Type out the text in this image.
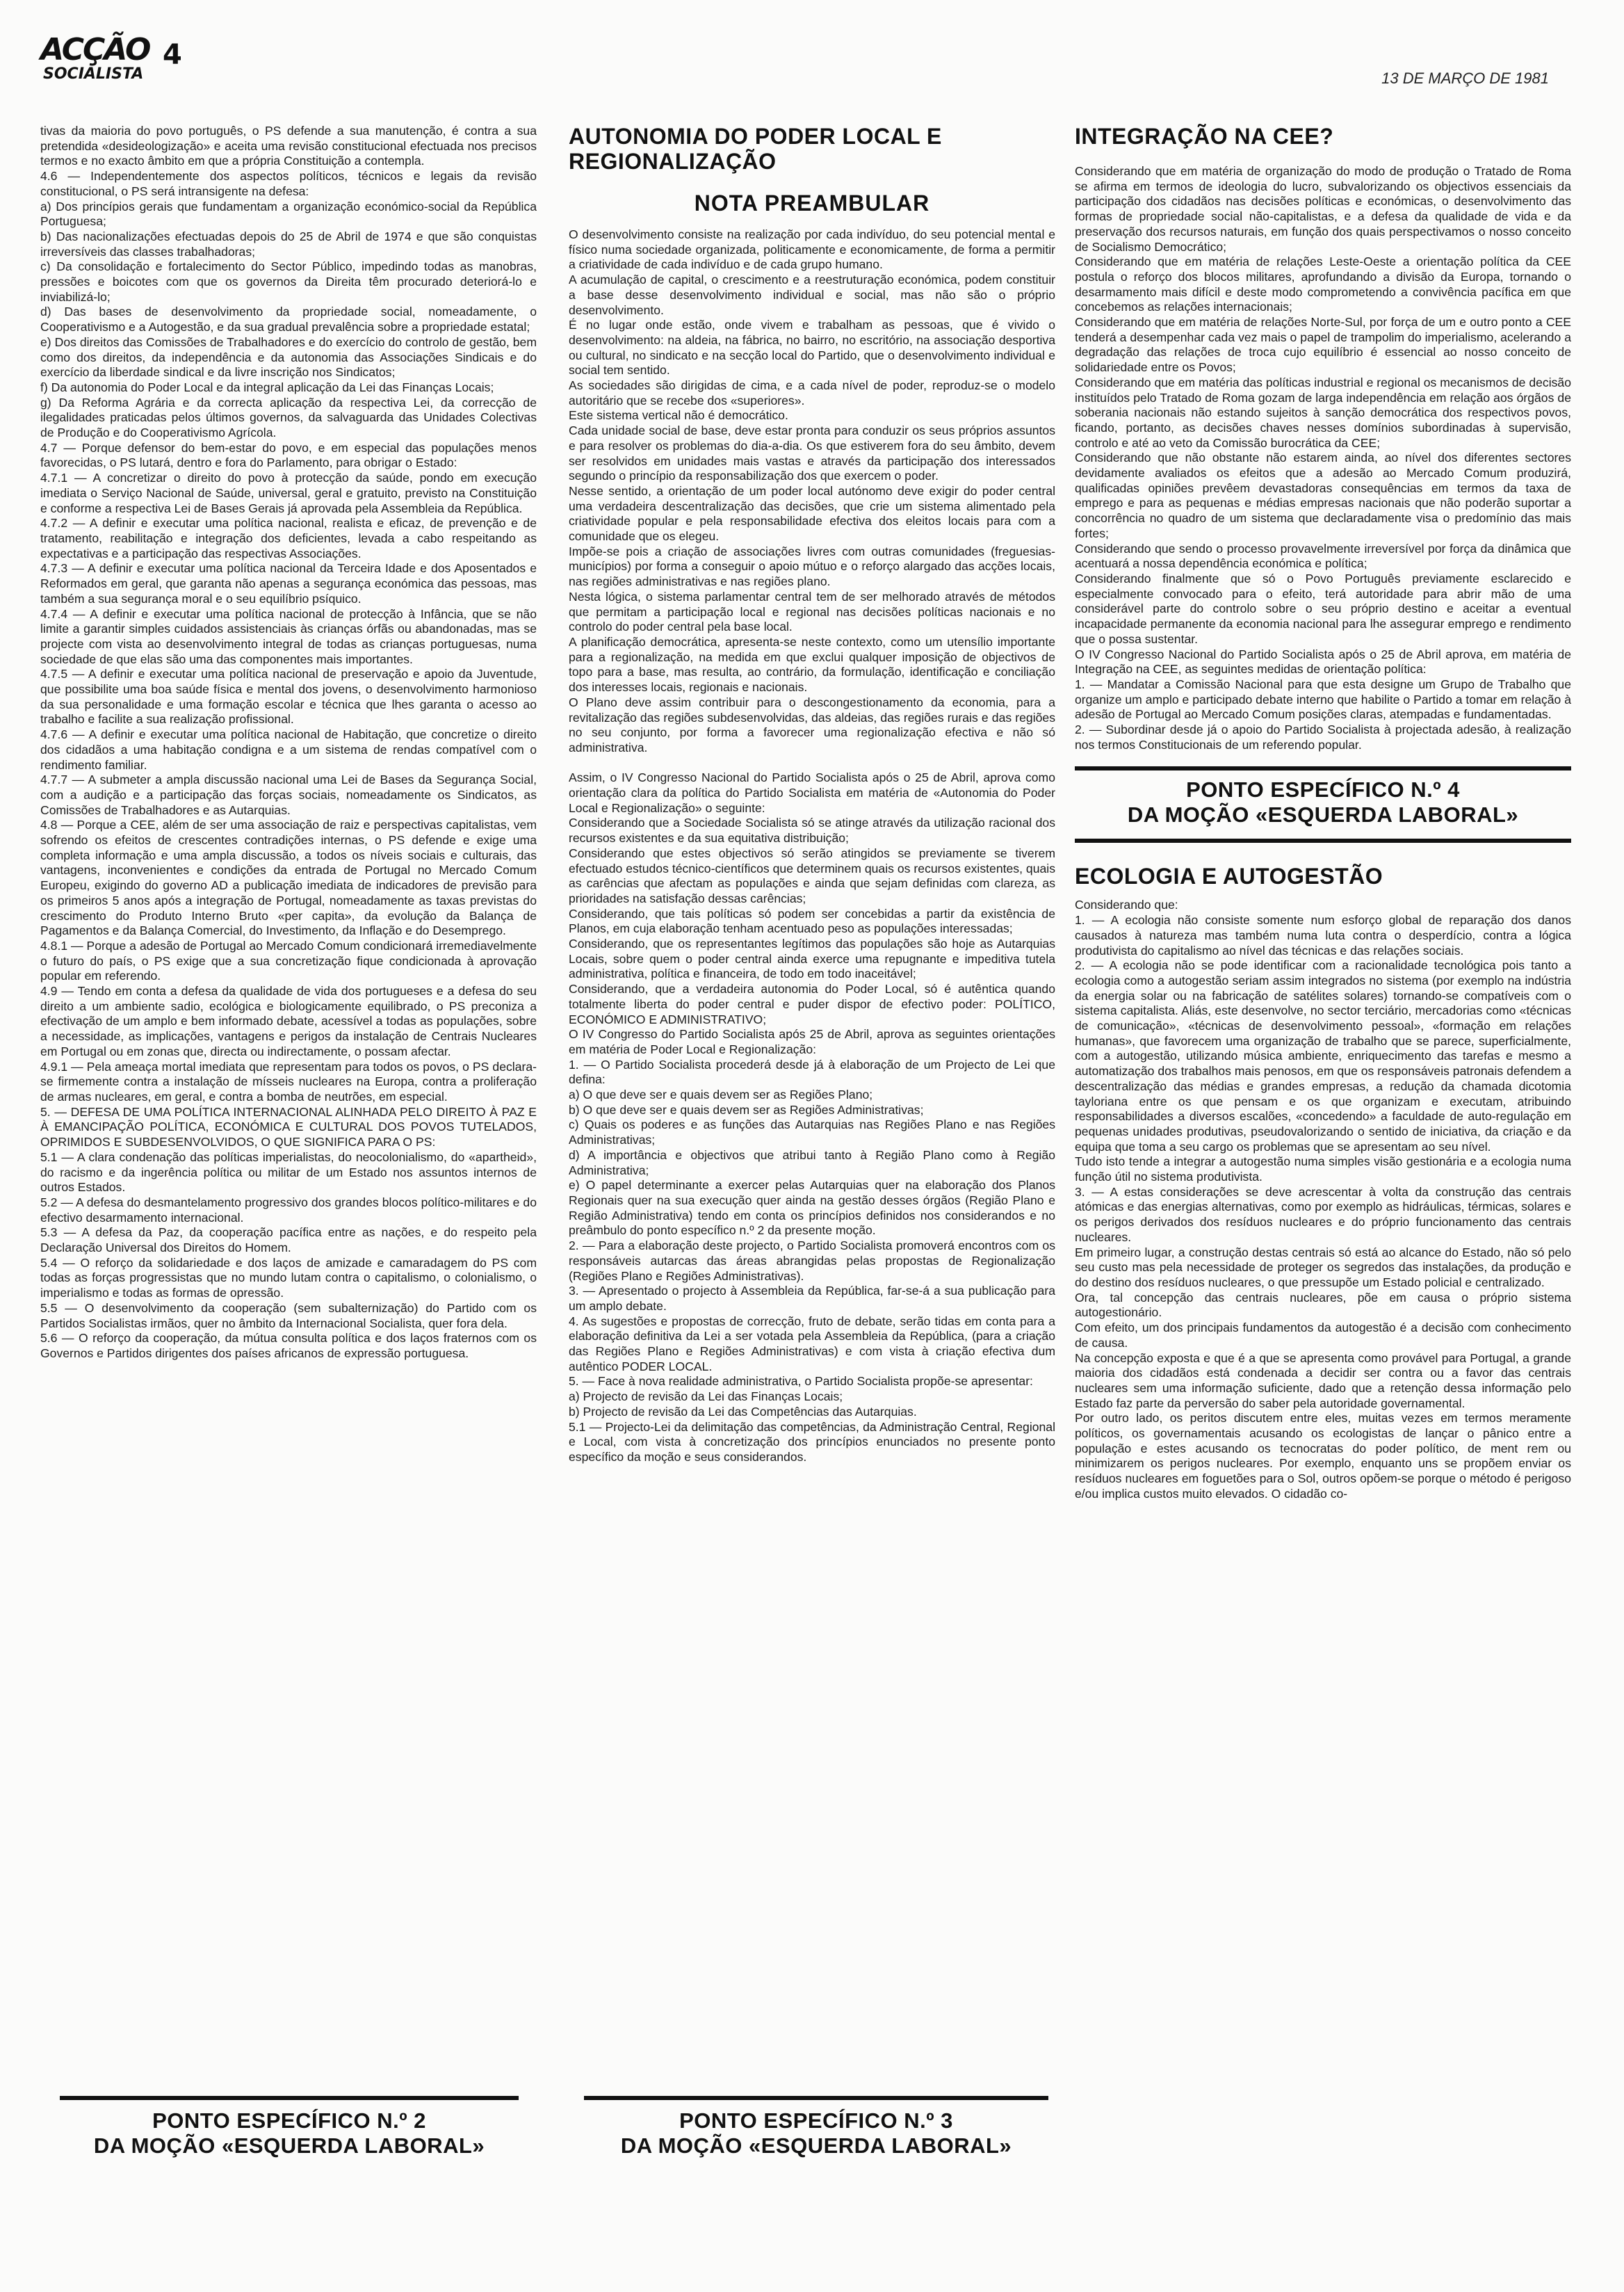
ACÇÃO
SOCIALISTA
4
13 DE MARÇO DE 1981

tivas da maioria do povo português, o PS defende a sua manutenção, é contra a sua pretendida «desideologização» e aceita uma revisão constitucional efectuada nos precisos termos e no exacto âmbito em que a própria Constituição a contempla.
4.6 — Independentemente dos aspectos políticos, técnicos e legais da revisão constitucional, o PS será intransigente na defesa:
a) Dos princípios gerais que fundamentam a organização económico-social da República Portuguesa;
b) Das nacionalizações efectuadas depois do 25 de Abril de 1974 e que são conquistas irreversíveis das classes trabalhadoras;
c) Da consolidação e fortalecimento do Sector Público, impedindo todas as manobras, pressões e boicotes com que os governos da Direita têm procurado deteriorá-lo e inviabilizá-lo;
d) Das bases de desenvolvimento da propriedade social, nomeadamente, o Cooperativismo e a Autogestão, e da sua gradual prevalência sobre a propriedade estatal;
e) Dos direitos das Comissões de Trabalhadores e do exercício do controlo de gestão, bem como dos direitos, da independência e da autonomia das Associações Sindicais e do exercício da liberdade sindical e da livre inscrição nos Sindicatos;
f) Da autonomia do Poder Local e da integral aplicação da Lei das Finanças Locais;
g) Da Reforma Agrária e da correcta aplicação da respectiva Lei, da correcção de ilegalidades praticadas pelos últimos governos, da salvaguarda das Unidades Colectivas de Produção e do Cooperativismo Agrícola.
4.7 — Porque defensor do bem-estar do povo, e em especial das populações menos favorecidas, o PS lutará, dentro e fora do Parlamento, para obrigar o Estado:
4.7.1 — A concretizar o direito do povo à protecção da saúde, pondo em execução imediata o Serviço Nacional de Saúde, universal, geral e gratuito, previsto na Constituição e conforme a respectiva Lei de Bases Gerais já aprovada pela Assembleia da República.
4.7.2 — A definir e executar uma política nacional, realista e eficaz, de prevenção e de tratamento, reabilitação e integração dos deficientes, levada a cabo respeitando as expectativas e a participação das respectivas Associações.
4.7.3 — A definir e executar uma política nacional da Terceira Idade e dos Aposentados e Reformados em geral, que garanta não apenas a segurança económica das pessoas, mas também a sua segurança moral e o seu equilíbrio psíquico.
4.7.4 — A definir e executar uma política nacional de protecção à Infância, que se não limite a garantir simples cuidados assistenciais às crianças órfãs ou abandonadas, mas se projecte com vista ao desenvolvimento integral de todas as crianças portuguesas, numa sociedade de que elas são uma das componentes mais importantes.
4.7.5 — A definir e executar uma política nacional de preservação e apoio da Juventude, que possibilite uma boa saúde física e mental dos jovens, o desenvolvimento harmonioso da sua personalidade e uma formação escolar e técnica que lhes garanta o acesso ao trabalho e facilite a sua realização profissional.
4.7.6 — A definir e executar uma política nacional de Habitação, que concretize o direito dos cidadãos a uma habitação condigna e a um sistema de rendas compatível com o rendimento familiar.
4.7.7 — A submeter a ampla discussão nacional uma Lei de Bases da Segurança Social, com a audição e a participação das forças sociais, nomeadamente os Sindicatos, as Comissões de Trabalhadores e as Autarquias.
4.8 — Porque a CEE, além de ser uma associação de raiz e perspectivas capitalistas, vem sofrendo os efeitos de crescentes contradições internas, o PS defende e exige uma completa informação e uma ampla discussão, a todos os níveis sociais e culturais, das vantagens, inconvenientes e condições da entrada de Portugal no Mercado Comum Europeu, exigindo do governo AD a publicação imediata de indicadores de previsão para os primeiros 5 anos após a integração de Portugal, nomeadamente as taxas previstas do crescimento do Produto Interno Bruto «per capita», da evolução da Balança de Pagamentos e da Balança Comercial, do Investimento, da Inflação e do Desemprego.
4.8.1 — Porque a adesão de Portugal ao Mercado Comum condicionará irremediavelmente o futuro do país, o PS exige que a sua concretização fique condicionada à aprovação popular em referendo.
4.9 — Tendo em conta a defesa da qualidade de vida dos portugueses e a defesa do seu direito a um ambiente sadio, ecológica e biologicamente equilibrado, o PS preconiza a efectivação de um amplo e bem informado debate, acessível a todas as populações, sobre a necessidade, as implicações, vantagens e perigos da instalação de Centrais Nucleares em Portugal ou em zonas que, directa ou indirectamente, o possam afectar.
4.9.1 — Pela ameaça mortal imediata que representam para todos os povos, o PS declara-se firmemente contra a instalação de mísseis nucleares na Europa, contra a proliferação de armas nucleares, em geral, e contra a bomba de neutrões, em especial.
5. — DEFESA DE UMA POLÍTICA INTERNACIONAL ALINHADA PELO DIREITO À PAZ E À EMANCIPAÇÃO POLÍTICA, ECONÓMICA E CULTURAL DOS POVOS TUTELADOS, OPRIMIDOS E SUBDESENVOLVIDOS, O QUE SIGNIFICA PARA O PS:
5.1 — A clara condenação das políticas imperialistas, do neocolonialismo, do «apartheid», do racismo e da ingerência política ou militar de um Estado nos assuntos internos de outros Estados.
5.2 — A defesa do desmantelamento progressivo dos grandes blocos político-militares e do efectivo desarmamento internacional.
5.3 — A defesa da Paz, da cooperação pacífica entre as nações, e do respeito pela Declaração Universal dos Direitos do Homem.
5.4 — O reforço da solidariedade e dos laços de amizade e camaradagem do PS com todas as forças progressistas que no mundo lutam contra o capitalismo, o colonialismo, o imperialismo e todas as formas de opressão.
5.5 — O desenvolvimento da cooperação (sem subalternização) do Partido com os Partidos Socialistas irmãos, quer no âmbito da Internacional Socialista, quer fora dela.
5.6 — O reforço da cooperação, da mútua consulta política e dos laços fraternos com os Governos e Partidos dirigentes dos países africanos de expressão portuguesa.

AUTONOMIA DO PODER LOCAL E REGIONALIZAÇÃO
NOTA PREAMBULAR

O desenvolvimento consiste na realização por cada indivíduo, do seu potencial mental e físico numa sociedade organizada, politicamente e economicamente, de forma a permitir a criatividade de cada indivíduo e de cada grupo humano.
A acumulação de capital, o crescimento e a reestruturação económica, podem constituir a base desse desenvolvimento individual e social, mas não são o próprio desenvolvimento.
É no lugar onde estão, onde vivem e trabalham as pessoas, que é vivido o desenvolvimento: na aldeia, na fábrica, no bairro, no escritório, na associação desportiva ou cultural, no sindicato e na secção local do Partido, que o desenvolvimento individual e social tem sentido.
As sociedades são dirigidas de cima, e a cada nível de poder, reproduz-se o modelo autoritário que se recebe dos «superiores».
Este sistema vertical não é democrático.
Cada unidade social de base, deve estar pronta para conduzir os seus próprios assuntos e para resolver os problemas do dia-a-dia. Os que estiverem fora do seu âmbito, devem ser resolvidos em unidades mais vastas e através da participação dos interessados segundo o princípio da responsabilização dos que exercem o poder.
Nesse sentido, a orientação de um poder local autónomo deve exigir do poder central uma verdadeira descentralização das decisões, que crie um sistema alimentado pela criatividade popular e pela responsabilidade efectiva dos eleitos locais para com a comunidade que os elegeu.
Impõe-se pois a criação de associações livres com outras comunidades (freguesias-municípios) por forma a conseguir o apoio mútuo e o reforço alargado das acções locais, nas regiões administrativas e nas regiões plano.
Nesta lógica, o sistema parlamentar central tem de ser melhorado através de métodos que permitam a participação local e regional nas decisões políticas nacionais e no controlo do poder central pela base local.
A planificação democrática, apresenta-se neste contexto, como um utensílio importante para a regionalização, na medida em que exclui qualquer imposição de objectivos de topo para a base, mas resulta, ao contrário, da formulação, identificação e conciliação dos interesses locais, regionais e nacionais.
O Plano deve assim contribuir para o descongestionamento da economia, para a revitalização das regiões subdesenvolvidas, das aldeias, das regiões rurais e das regiões no seu conjunto, por forma a favorecer uma regionalização efectiva e não só administrativa.

Assim, o IV Congresso Nacional do Partido Socialista após o 25 de Abril, aprova como orientação clara da política do Partido Socialista em matéria de «Autonomia do Poder Local e Regionalização» o seguinte:
Considerando que a Sociedade Socialista só se atinge através da utilização racional dos recursos existentes e da sua equitativa distribuição;
Considerando que estes objectivos só serão atingidos se previamente se tiverem efectuado estudos técnico-científicos que determinem quais os recursos existentes, quais as carências que afectam as populações e ainda que sejam definidas com clareza, as prioridades na satisfação dessas carências;
Considerando, que tais políticas só podem ser concebidas a partir da existência de Planos, em cuja elaboração tenham acentuado peso as populações interessadas;
Considerando, que os representantes legítimos das populações são hoje as Autarquias Locais, sobre quem o poder central ainda exerce uma repugnante e impeditiva tutela administrativa, política e financeira, de todo em todo inaceitável;
Considerando, que a verdadeira autonomia do Poder Local, só é autêntica quando totalmente liberta do poder central e puder dispor de efectivo poder: POLÍTICO, ECONÓMICO E ADMINISTRATIVO;
O IV Congresso do Partido Socialista após 25 de Abril, aprova as seguintes orientações em matéria de Poder Local e Regionalização:
1. — O Partido Socialista procederá desde já à elaboração de um Projecto de Lei que defina:
a) O que deve ser e quais devem ser as Regiões Plano;
b) O que deve ser e quais devem ser as Regiões Administrativas;
c) Quais os poderes e as funções das Autarquias nas Regiões Plano e nas Regiões Administrativas;
d) A importância e objectivos que atribui tanto à Região Plano como à Região Administrativa;
e) O papel determinante a exercer pelas Autarquias quer na elaboração dos Planos Regionais quer na sua execução quer ainda na gestão desses órgãos (Região Plano e Região Administrativa) tendo em conta os princípios definidos nos considerandos e no preâmbulo do ponto específico n.º 2 da presente moção.
2. — Para a elaboração deste projecto, o Partido Socialista promoverá encontros com os responsáveis autarcas das áreas abrangidas pelas propostas de Regionalização (Regiões Plano e Regiões Administrativas).
3. — Apresentado o projecto à Assembleia da República, far-se-á a sua publicação para um amplo debate.
4. As sugestões e propostas de correcção, fruto de debate, serão tidas em conta para a elaboração definitiva da Lei a ser votada pela Assembleia da República, (para a criação das Regiões Plano e Regiões Administrativas) e com vista à criação efectiva dum autêntico PODER LOCAL.
5. — Face à nova realidade administrativa, o Partido Socialista propõe-se apresentar:
a) Projecto de revisão da Lei das Finanças Locais;
b) Projecto de revisão da Lei das Competências das Autarquias.
5.1 — Projecto-Lei da delimitação das competências, da Administração Central, Regional e Local, com vista à concretização dos princípios enunciados no presente ponto específico da moção e seus considerandos.

INTEGRAÇÃO NA CEE?

Considerando que em matéria de organização do modo de produção o Tratado de Roma se afirma em termos de ideologia do lucro, subvalorizando os objectivos essenciais da participação dos cidadãos nas decisões políticas e económicas, o desenvolvimento das formas de propriedade social não-capitalistas, e a defesa da qualidade de vida e da preservação dos recursos naturais, em função dos quais perspectivamos o nosso conceito de Socialismo Democrático;
Considerando que em matéria de relações Leste-Oeste a orientação política da CEE postula o reforço dos blocos militares, aprofundando a divisão da Europa, tornando o desarmamento mais difícil e deste modo comprometendo a convivência pacífica em que concebemos as relações internacionais;
Considerando que em matéria de relações Norte-Sul, por força de um e outro ponto a CEE tenderá a desempenhar cada vez mais o papel de trampolim do imperialismo, acelerando a degradação das relações de troca cujo equilíbrio é essencial ao nosso conceito de solidariedade entre os Povos;
Considerando que em matéria das políticas industrial e regional os mecanismos de decisão instituídos pelo Tratado de Roma gozam de larga independência em relação aos órgãos de soberania nacionais não estando sujeitos à sanção democrática dos respectivos povos, ficando, portanto, as decisões chaves nesses domínios subordinadas à supervisão, controlo e até ao veto da Comissão burocrática da CEE;
Considerando que não obstante não estarem ainda, ao nível dos diferentes sectores devidamente avaliados os efeitos que a adesão ao Mercado Comum produzirá, qualificadas opiniões prevêem devastadoras consequências em termos da taxa de emprego e para as pequenas e médias empresas nacionais que não poderão suportar a concorrência no quadro de um sistema que declaradamente visa o predomínio das mais fortes;
Considerando que sendo o processo provavelmente irreversível por força da dinâmica que acentuará a nossa dependência económica e política;
Considerando finalmente que só o Povo Português previamente esclarecido e especialmente convocado para o efeito, terá autoridade para abrir mão de uma considerável parte do controlo sobre o seu próprio destino e aceitar a eventual incapacidade permanente da economia nacional para lhe assegurar emprego e rendimento que o possa sustentar.
O IV Congresso Nacional do Partido Socialista após o 25 de Abril aprova, em matéria de Integração na CEE, as seguintes medidas de orientação política:
1. — Mandatar a Comissão Nacional para que esta designe um Grupo de Trabalho que organize um amplo e participado debate interno que habilite o Partido a tomar em relação à adesão de Portugal ao Mercado Comum posições claras, atempadas e fundamentadas.
2. — Subordinar desde já o apoio do Partido Socialista à projectada adesão, à realização nos termos Constitucionais de um referendo popular.

PONTO ESPECÍFICO N.º 4
DA MOÇÃO «ESQUERDA LABORAL»
ECOLOGIA E AUTOGESTÃO

Considerando que:
1. — A ecologia não consiste somente num esforço global de reparação dos danos causados à natureza mas também numa luta contra o desperdício, contra a lógica produtivista do capitalismo ao nível das técnicas e das relações sociais.
2. — A ecologia não se pode identificar com a racionalidade tecnológica pois tanto a ecologia como a autogestão seriam assim integrados no sistema (por exemplo na indústria da energia solar ou na fabricação de satélites solares) tornando-se compatíveis com o sistema capitalista. Aliás, este desenvolve, no sector terciário, mercadorias como «técnicas de comunicação», «técnicas de desenvolvimento pessoal», «formação em relações humanas», que favorecem uma organização de trabalho que se parece, superficialmente, com a autogestão, utilizando música ambiente, enriquecimento das tarefas e mesmo a automatização dos trabalhos mais penosos, em que os responsáveis patronais defendem a descentralização das médias e grandes empresas, a redução da chamada dicotomia tayloriana entre os que pensam e os que organizam e executam, atribuindo responsabilidades a diversos escalões, «concedendo» a faculdade de auto-regulação em pequenas unidades produtivas, pseudovalorizando o sentido de iniciativa, da criação e da equipa que toma a seu cargo os problemas que se apresentam ao seu nível.
Tudo isto tende a integrar a autogestão numa simples visão gestionária e a ecologia numa função útil no sistema produtivista.
3. — A estas considerações se deve acrescentar à volta da construção das centrais atómicas e das energias alternativas, como por exemplo as hidráulicas, térmicas, solares e os perigos derivados dos resíduos nucleares e do próprio funcionamento das centrais nucleares.
Em primeiro lugar, a construção destas centrais só está ao alcance do Estado, não só pelo seu custo mas pela necessidade de proteger os segredos das instalações, da produção e do destino dos resíduos nucleares, o que pressupõe um Estado policial e centralizado.
Ora, tal concepção das centrais nucleares, põe em causa o próprio sistema autogestionário.
Com efeito, um dos principais fundamentos da autogestão é a decisão com conhecimento de causa.
Na concepção exposta e que é a que se apresenta como provável para Portugal, a grande maioria dos cidadãos está condenada a decidir ser contra ou a favor das centrais nucleares sem uma informação suficiente, dado que a retenção dessa informação pelo Estado faz parte da perversão do saber pela autoridade governamental.
Por outro lado, os peritos discutem entre eles, muitas vezes em termos meramente políticos, os governamentais acusando os ecologistas de lançar o pânico entre a população e estes acusando os tecnocratas do poder político, de ment rem ou minimizarem os perigos nucleares. Por exemplo, enquanto uns se propõem enviar os resíduos nucleares em foguetões para o Sol, outros opõem-se porque o método é perigoso e/ou implica custos muito elevados. O cidadão co-

PONTO ESPECÍFICO N.º 2
DA MOÇÃO «ESQUERDA LABORAL»
PONTO ESPECÍFICO N.º 3
DA MOÇÃO «ESQUERDA LABORAL»
